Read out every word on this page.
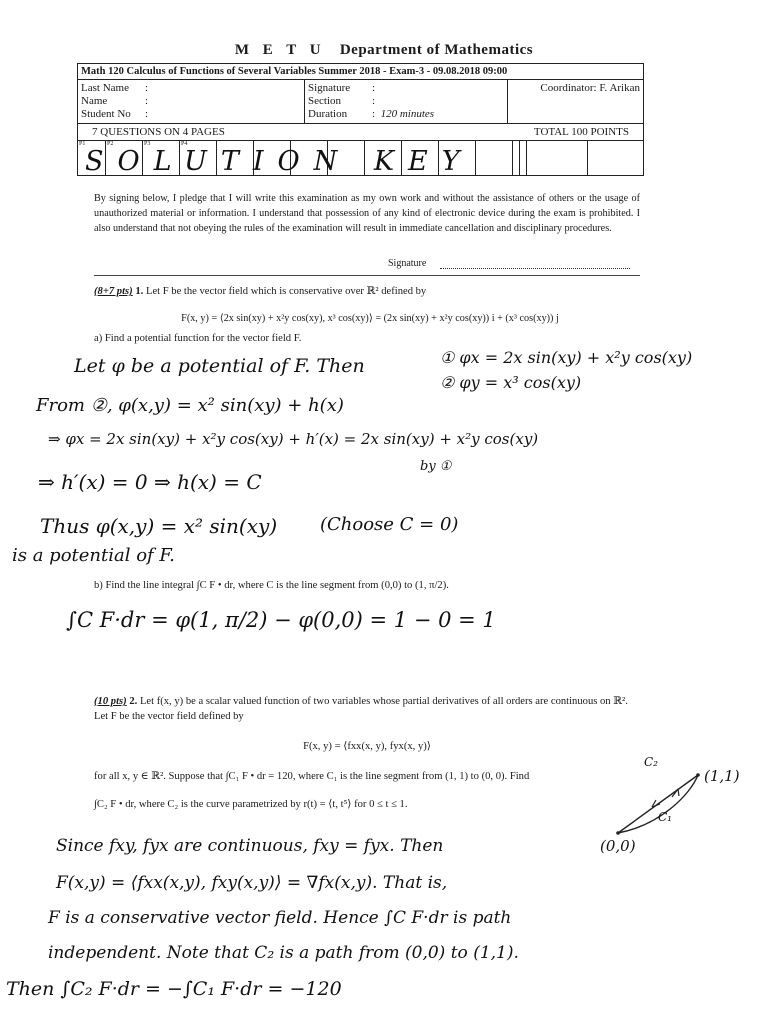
M E T U Department of Mathematics
Math 120 Calculus of Functions of Several Variables Summer 2018 - Exam-3 - 09.08.2018 09:00
Last Name	:
Name	:
Student No	:
Signature	:
Section	:
Duration	: 120 minutes
Coordinator: F. Arikan
7 QUESTIONS ON 4 PAGES	TOTAL 100 POINTS
P1	P2	P3	P4
SOLUTION KEY
By signing below, I pledge that I will write this examination as my own work and without the assistance of others or the usage of unauthorized material or information. I understand that possession of any kind of electronic device during the exam is prohibited. I also understand that not obeying the rules of the examination will result in immediate cancellation and disciplinary procedures.
Signature
(8+7 pts) 1. Let F be the vector field which is conservative over ℝ² defined by
F(x, y) = ⟨2x sin(xy) + x²y cos(xy), x³ cos(xy)⟩ = (2x sin(xy) + x²y cos(xy)) i + (x³ cos(xy)) j
a) Find a potential function for the vector field F.
Let φ be a potential of F. Then	① φx = 2x sin(xy) + x²y cos(xy)
② φy = x³ cos(xy)
From ②, φ(x,y) = x² sin(xy) + h(x)
⇒ φx = 2x sin(xy) + x²y cos(xy) + h′(x) = 2x sin(xy) + x²y cos(xy)
by ①
⇒ h′(x) = 0 ⇒ h(x) = C
Thus φ(x,y) = x² sin(xy) (Choose C = 0)
is a potential of F.
b) Find the line integral ∫C F • dr, where C is the line segment from (0,0) to (1, π/2).
∫C F·dr = φ(1, π/2) − φ(0,0) = 1 − 0 = 1
(10 pts) 2. Let f(x, y) be a scalar valued function of two variables whose partial derivatives of all orders are continuous on ℝ². Let F be the vector field defined by
F(x, y) = ⟨fxx(x, y), fyx(x, y)⟩
for all x, y ∈ ℝ². Suppose that ∫C₁ F • dr = 120, where C₁ is the line segment from (1, 1) to (0, 0). Find
∫C₂ F • dr, where C₂ is the curve parametrized by r(t) = ⟨t, t⁵⟩ for 0 ≤ t ≤ 1.
C₂
(1,1)
C₁
(0,0)
Since fxy, fyx are continuous, fxy = fyx. Then
F(x,y) = ⟨fxx(x,y), fxy(x,y)⟩ = ∇fx(x,y). That is,
F is a conservative vector field. Hence ∫C F·dr is path
independent. Note that C₂ is a path from (0,0) to (1,1).
Then ∫C₂ F·dr = −∫C₁ F·dr = −120
